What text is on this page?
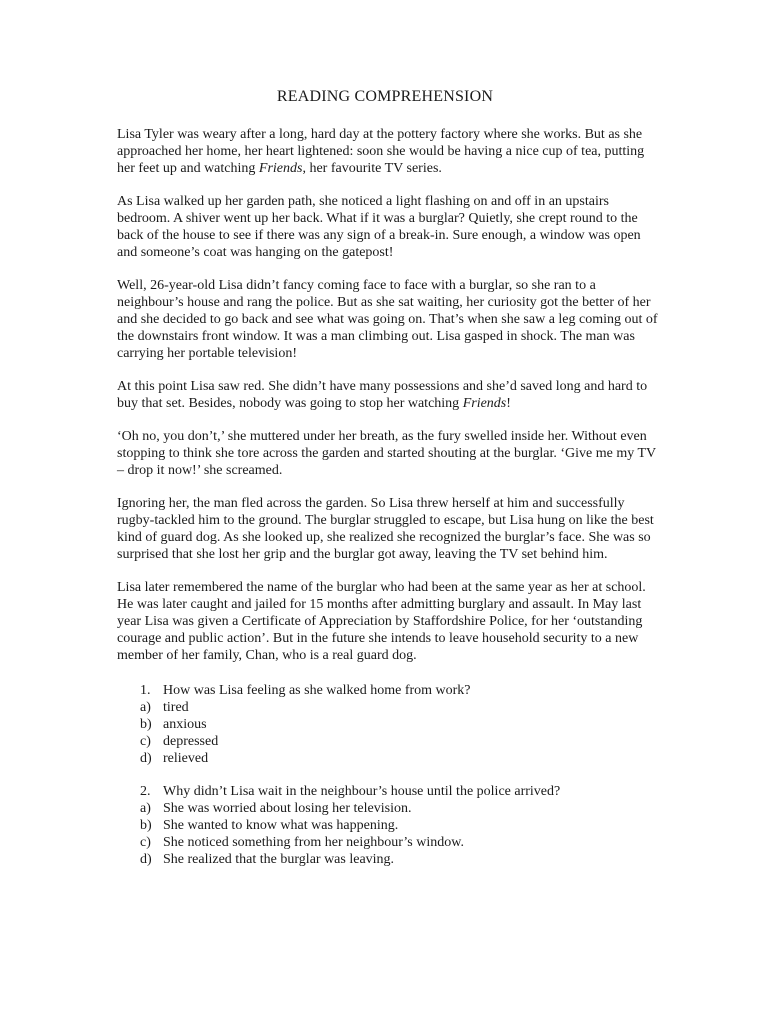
READING COMPREHENSION

Lisa Tyler was weary after a long, hard day at the pottery factory where she works. But as she approached her home, her heart lightened: soon she would be having a nice cup of tea, putting her feet up and watching Friends, her favourite TV series.

As Lisa walked up her garden path, she noticed a light flashing on and off in an upstairs bedroom. A shiver went up her back. What if it was a burglar? Quietly, she crept round to the back of the house to see if there was any sign of a break-in. Sure enough, a window was open and someone’s coat was hanging on the gatepost!

Well, 26-year-old Lisa didn’t fancy coming face to face with a burglar, so she ran to a neighbour’s house and rang the police. But as she sat waiting, her curiosity got the better of her and she decided to go back and see what was going on. That’s when she saw a leg coming out of the downstairs front window. It was a man climbing out. Lisa gasped in shock. The man was carrying her portable television!

At this point Lisa saw red. She didn’t have many possessions and she’d saved long and hard to buy that set. Besides, nobody was going to stop her watching Friends!

‘Oh no, you don’t,’ she muttered under her breath, as the fury swelled inside her. Without even stopping to think she tore across the garden and started shouting at the burglar. ‘Give me my TV – drop it now!’ she screamed.

Ignoring her, the man fled across the garden. So Lisa threw herself at him and successfully rugby-tackled him to the ground. The burglar struggled to escape, but Lisa hung on like the best kind of guard dog. As she looked up, she realized she recognized the burglar’s face. She was so surprised that she lost her grip and the burglar got away, leaving the TV set behind him.

Lisa later remembered the name of the burglar who had been at the same year as her at school. He was later caught and jailed for 15 months after admitting burglary and assault. In May last year Lisa was given a Certificate of Appreciation by Staffordshire Police, for her ‘outstanding courage and public action’. But in the future she intends to leave household security to a new member of her family, Chan, who is a real guard dog.

1. How was Lisa feeling as she walked home from work?
a) tired
b) anxious
c) depressed
d) relieved
2. Why didn’t Lisa wait in the neighbour’s house until the police arrived?
a) She was worried about losing her television.
b) She wanted to know what was happening.
c) She noticed something from her neighbour’s window.
d) She realized that the burglar was leaving.
